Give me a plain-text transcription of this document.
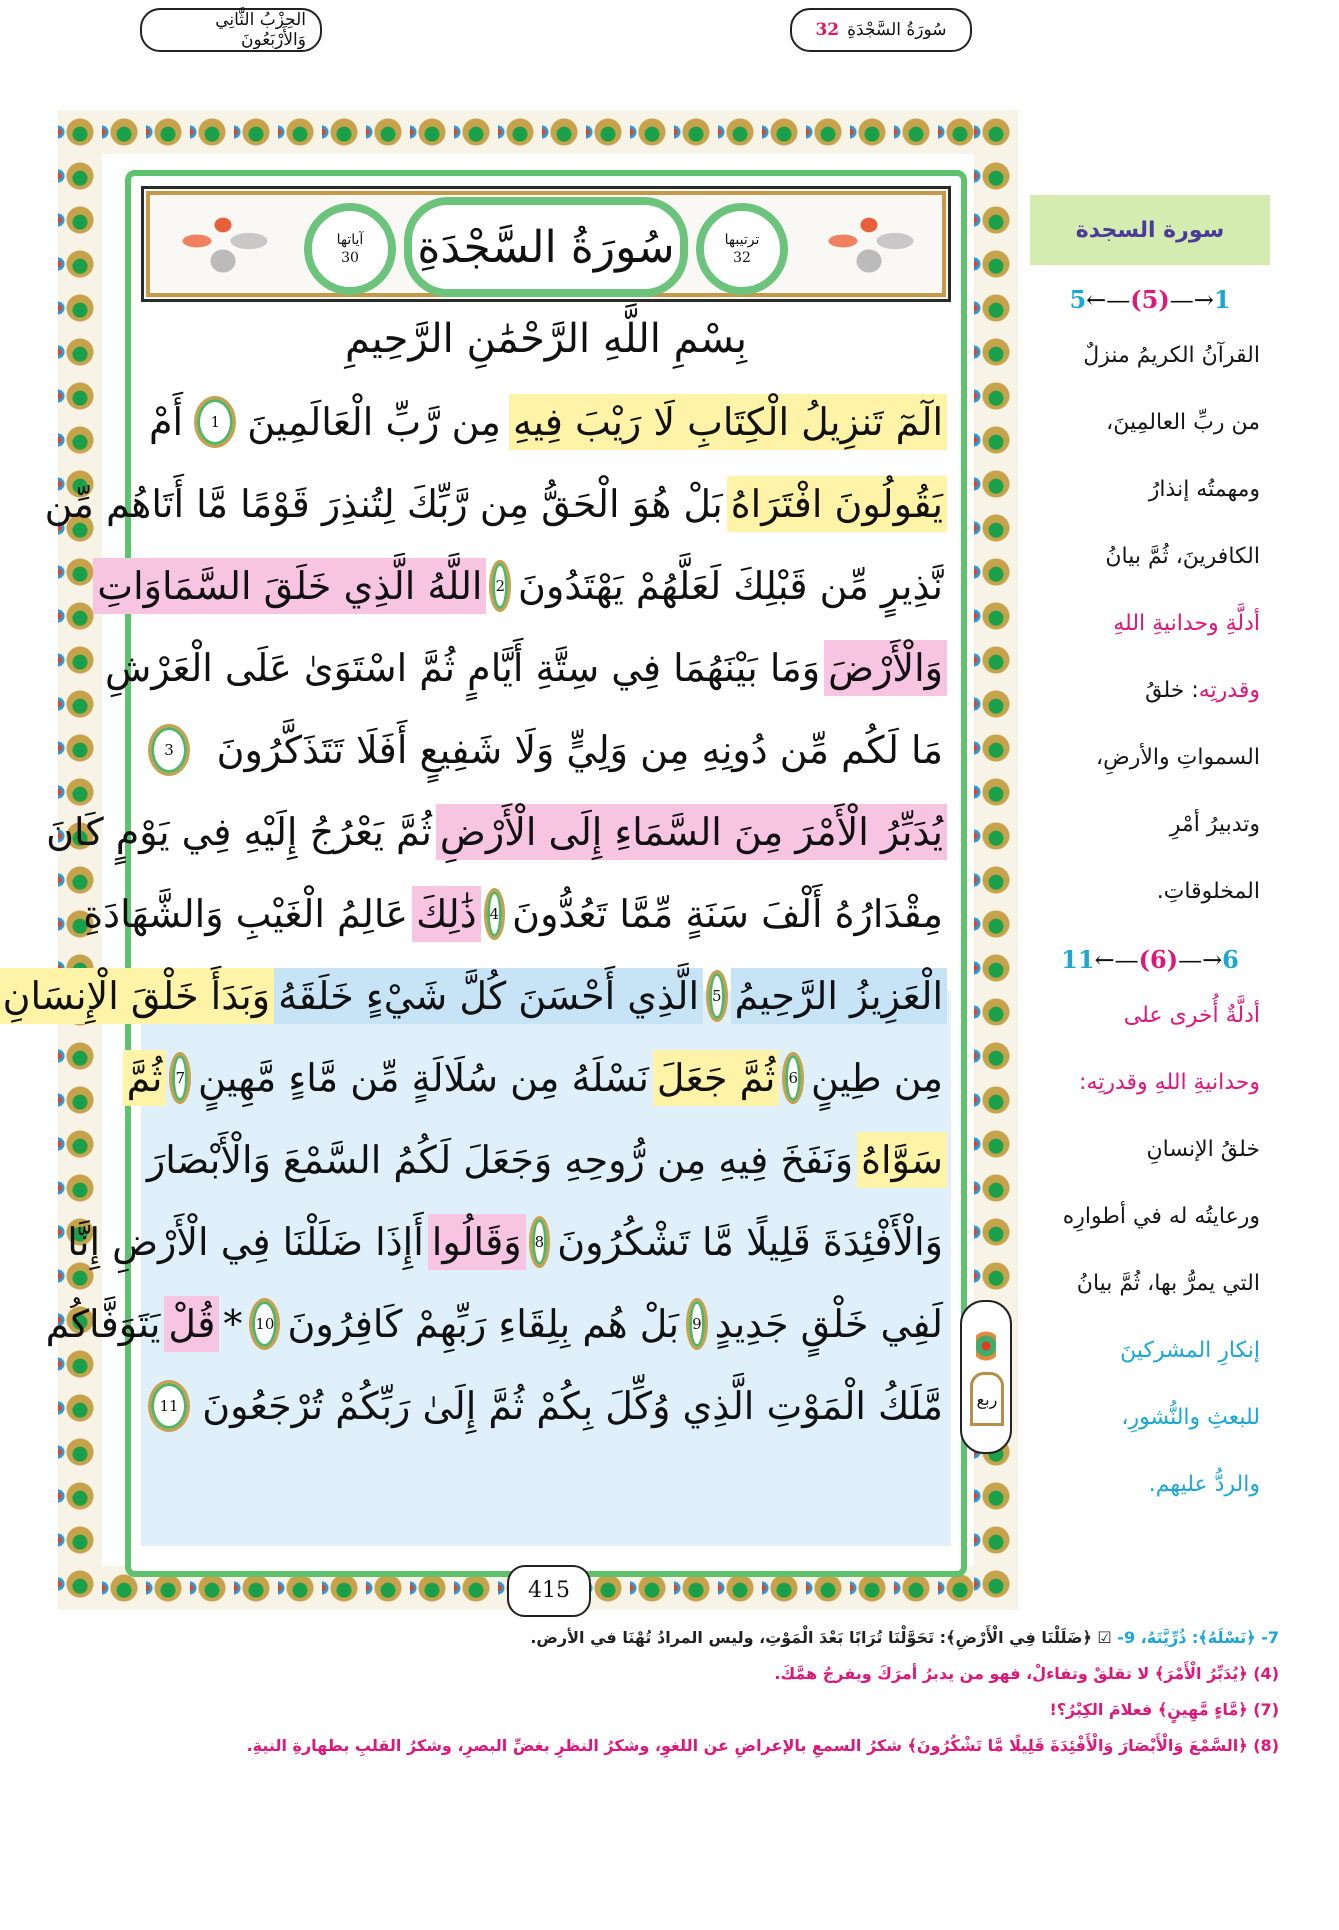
الحِزْبُ الثَّانِي وَالأَرْبَعُونَ	سُورَةُ السَّجْدَةِ
32
آياتها
30 سُورَةُ السَّجْدَةِ	ترتيبها
32
بِسْمِ اللَّهِ الرَّحْمَٰنِ الرَّحِيمِ
الٓمٓ تَنزِيلُ الْكِتَابِ لَا رَيْبَ فِيهِ
مِن رَّبِّ الْعَالَمِينَ
1
أَمْ
يَقُولُونَ افْتَرَاهُ
بَلْ هُوَ الْحَقُّ مِن رَّبِّكَ لِتُنذِرَ قَوْمًا مَّا أَتَاهُم مِّن
نَّذِيرٍ مِّن قَبْلِكَ لَعَلَّهُمْ يَهْتَدُونَ
2
اللَّهُ الَّذِي خَلَقَ السَّمَاوَاتِ
وَالْأَرْضَ
وَمَا بَيْنَهُمَا فِي سِتَّةِ أَيَّامٍ ثُمَّ اسْتَوَىٰ عَلَى الْعَرْشِ
مَا لَكُم مِّن دُونِهِ مِن وَلِيٍّ وَلَا شَفِيعٍ أَفَلَا تَتَذَكَّرُونَ
3
يُدَبِّرُ الْأَمْرَ مِنَ السَّمَاءِ إِلَى الْأَرْضِ
ثُمَّ يَعْرُجُ إِلَيْهِ فِي يَوْمٍ كَانَ
مِقْدَارُهُ أَلْفَ سَنَةٍ مِّمَّا تَعُدُّونَ
4
ذَٰلِكَ
عَالِمُ الْغَيْبِ وَالشَّهَادَةِ
الْعَزِيزُ الرَّحِيمُ
5
الَّذِي أَحْسَنَ كُلَّ شَيْءٍ خَلَقَهُ
وَبَدَأَ خَلْقَ الْإِنسَانِ
مِن طِينٍ
6
ثُمَّ جَعَلَ
نَسْلَهُ مِن سُلَالَةٍ مِّن مَّاءٍ مَّهِينٍ
7
ثُمَّ
سَوَّاهُ
وَنَفَخَ فِيهِ مِن رُّوحِهِ وَجَعَلَ لَكُمُ السَّمْعَ وَالْأَبْصَارَ
وَالْأَفْئِدَةَ قَلِيلًا مَّا تَشْكُرُونَ
8
وَقَالُوا
أَإِذَا ضَلَلْنَا فِي الْأَرْضِ إِنَّا
لَفِي خَلْقٍ جَدِيدٍ
9
بَلْ هُم بِلِقَاءِ رَبِّهِمْ كَافِرُونَ
10
*
قُلْ
يَتَوَفَّاكُم
مَّلَكُ الْمَوْتِ الَّذِي وُكِّلَ بِكُمْ ثُمَّ إِلَىٰ رَبِّكُمْ تُرْجَعُونَ
11	ربع
415
سورة السجدة
5←—(5)—→1
القرآنُ الكريمُ منزلٌ
من ربِّ العالمِينَ،
ومهمتُه إنذارُ
الكافرينَ، ثُمَّ بيانُ
أدلَّةِ وحدانيةِ اللهِ
وقدرتِه: خلقُ
السمواتِ والأرضِ،
وتدبيرُ أمْرِ
المخلوقاتِ.
11←—(6)—→6
أدلَّةٌ أُخرى على
وحدانيةِ اللهِ وقدرتِه:
خلقُ الإنسانِ
ورعايتُه له في أطوارِه
التي يمرُّ بها، ثُمَّ بيانُ
إنكارِ المشركينَ
للبعثِ والنُّشورِ،
والردُّ عليهم.
7- ﴿نَسْلَهُ﴾: ذُرِّيَّتَهُ، 9- ☑ ﴿ضَلَلْنَا فِي الْأَرْضِ﴾: تَحَوَّلْنَا تُرَابًا بَعْدَ الْمَوْتِ، وليس المرادُ تُهْنَا في الأرض.
(4) ﴿يُدَبِّرُ الْأَمْرَ﴾ لا تقلقْ وتفاءلْ، فهو من يدبرُ أمرَكَ ويفرجُ همَّكَ.
(7) ﴿مَّاءٍ مَّهِينٍ﴾ فعلامَ الكِبْرُ؟!
(8) ﴿السَّمْعَ وَالْأَبْصَارَ وَالْأَفْئِدَةَ قَلِيلًا مَّا تَشْكُرُونَ﴾ شكرُ السمعِ بالإعراضِ عن اللغوِ، وشكرُ النظرِ بغضِّ البصرِ، وشكرُ القلبِ بطهارةِ النيةِ.
